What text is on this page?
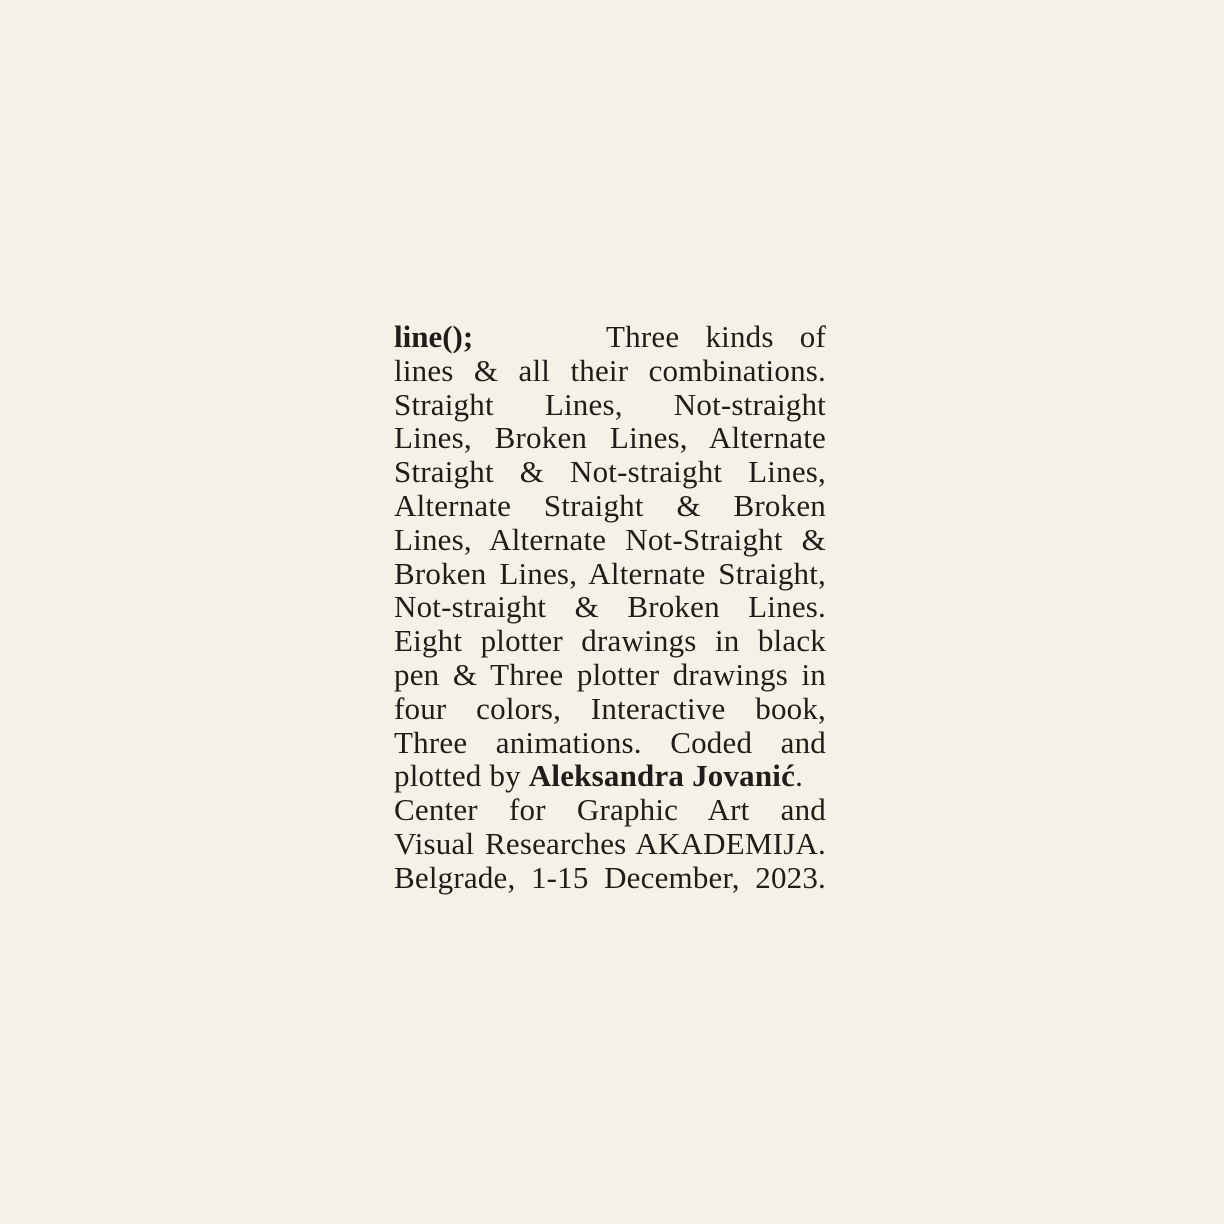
line();	Three kinds of
lines & all their combinations.
Straight Lines, Not-straight
Lines, Broken Lines, Alternate
Straight & Not-straight Lines,
Alternate Straight & Broken
Lines, Alternate Not-Straight &
Broken Lines, Alternate Straight,
Not-straight & Broken Lines.
Eight plotter drawings in black
pen & Three plotter drawings in
four colors, Interactive book,
Three animations. Coded and
plotted by Aleksandra Jovanić.
Center for Graphic Art and
Visual Researches AKADEMIJA.
Belgrade, 1-15 December, 2023.
